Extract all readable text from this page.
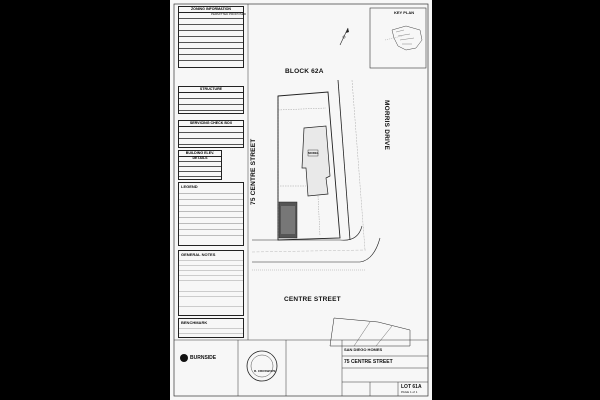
ZONING INFORMATION
PERMITTED PROPOSED
STRUCTURE
SERVICING CHECK BOX
BUILDING ELEV. DETAILS
LEGEND
GENERAL NOTES
BENCHMARK
KEY PLAN
BLOCK 62A
75 CENTRE STREET
MORRIS DRIVE
CENTRE STREET
MODEL
BURNSIDE
R. CROSWOPE
SAN DIEGO HOMES
75 CENTRE STREET
LOT 61A
PAGE 1 of 1
